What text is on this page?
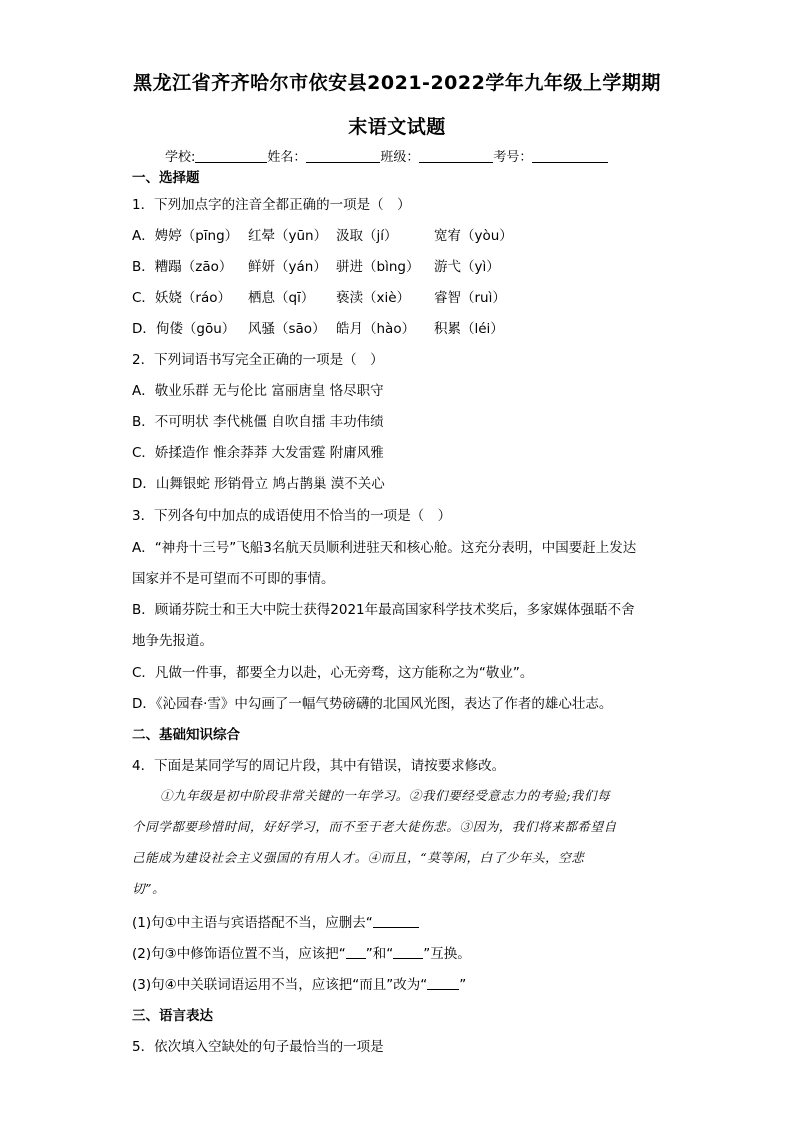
黑龙江省齐齐哈尔市依安县2021-2022学年九年级上学期期
末语文试题
学校:	姓名：	班级：	考号：
一、选择题
1．下列加点字的注音全都正确的一项是（　）
A．娉婷（pīng） 红晕（yūn） 汲取（jí）	宽宥（yòu）
B．糟蹋（zāo） 鲜妍（yán） 骈进（bìng） 游弋（yì）
C．妖娆（ráo） 栖息（qī） 亵渎（xiè） 睿智（ruì）
D．佝偻（gōu） 风骚（sāo） 皓月（hào） 积累（léi）
2．下列词语书写完全正确的一项是（　）
A．敬业乐群 无与伦比 富丽唐皇 恪尽职守
B．不可明状 李代桃僵 自吹自擂 丰功伟绩
C．娇揉造作 惟余莽莽 大发雷霆 附庸风雅
D．山舞银蛇 形销骨立 鸠占鹊巢 漠不关心
3．下列各句中加点的成语使用不恰当的一项是（　）
A．“神舟十三号”飞船3名航天员顺利进驻天和核心舱。这充分表明，中国要赶上发达
国家并不是可望而不可即的事情。
B．顾诵芬院士和王大中院士获得2021年最高国家科学技术奖后，多家媒体强聒不舍
地争先报道。
C．凡做一件事，都要全力以赴，心无旁骛，这方能称之为“敬业”。
D．《沁园春·雪》中勾画了一幅气势磅礴的北国风光图，表达了作者的雄心壮志。
二、基础知识综合
4．下面是某同学写的周记片段，其中有错误，请按要求修改。
①九年级是初中阶段非常关键的一年学习。②我们要经受意志力的考验;我们每
个同学都要珍惜时间，好好学习，而不至于老大徒伤悲。③因为，我们将来都希望自
己能成为建设社会主义强国的有用人才。④而且，“莫等闲，白了少年头，空悲
切”。
(1)句①中主语与宾语搭配不当，应删去“
(2)句③中修饰语位置不当，应该把“ ”和“ ”互换。
(3)句④中关联词语运用不当，应该把“而且”改为“ ”
三、语言表达
5．依次填入空缺处的句子最恰当的一项是
